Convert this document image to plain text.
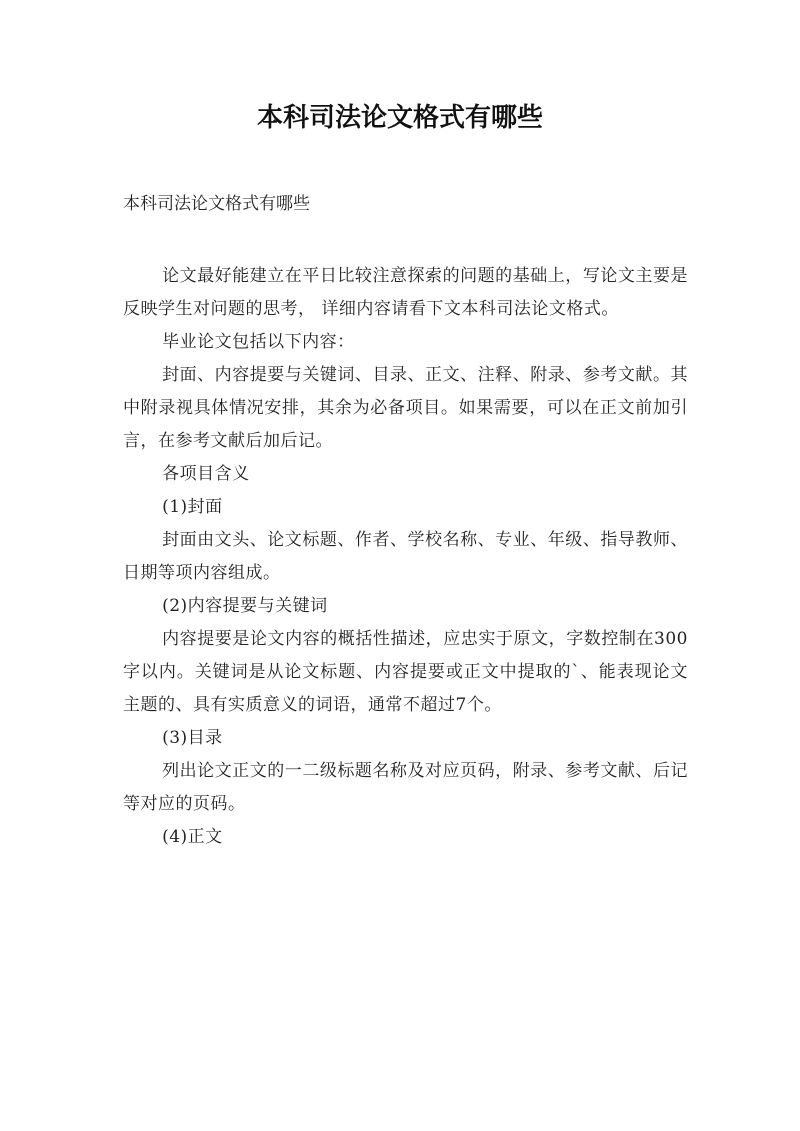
本科司法论文格式有哪些

本科司法论文格式有哪些

论文最好能建立在平日比较注意探索的问题的基础上，写论文主要是反映学生对问题的思考， 详细内容请看下文本科司法论文格式。

毕业论文包括以下内容：

封面、内容提要与关键词、目录、正文、注释、附录、参考文献。其中附录视具体情况安排，其余为必备项目。如果需要，可以在正文前加引言，在参考文献后加后记。

各项目含义

(1)封面

封面由文头、论文标题、作者、学校名称、专业、年级、指导教师、日期等项内容组成。

(2)内容提要与关键词

内容提要是论文内容的概括性描述，应忠实于原文，字数控制在300字以内。关键词是从论文标题、内容提要或正文中提取的`、能表现论文主题的、具有实质意义的词语，通常不超过7个。

(3)目录

列出论文正文的一二级标题名称及对应页码，附录、参考文献、后记等对应的页码。

(4)正文
